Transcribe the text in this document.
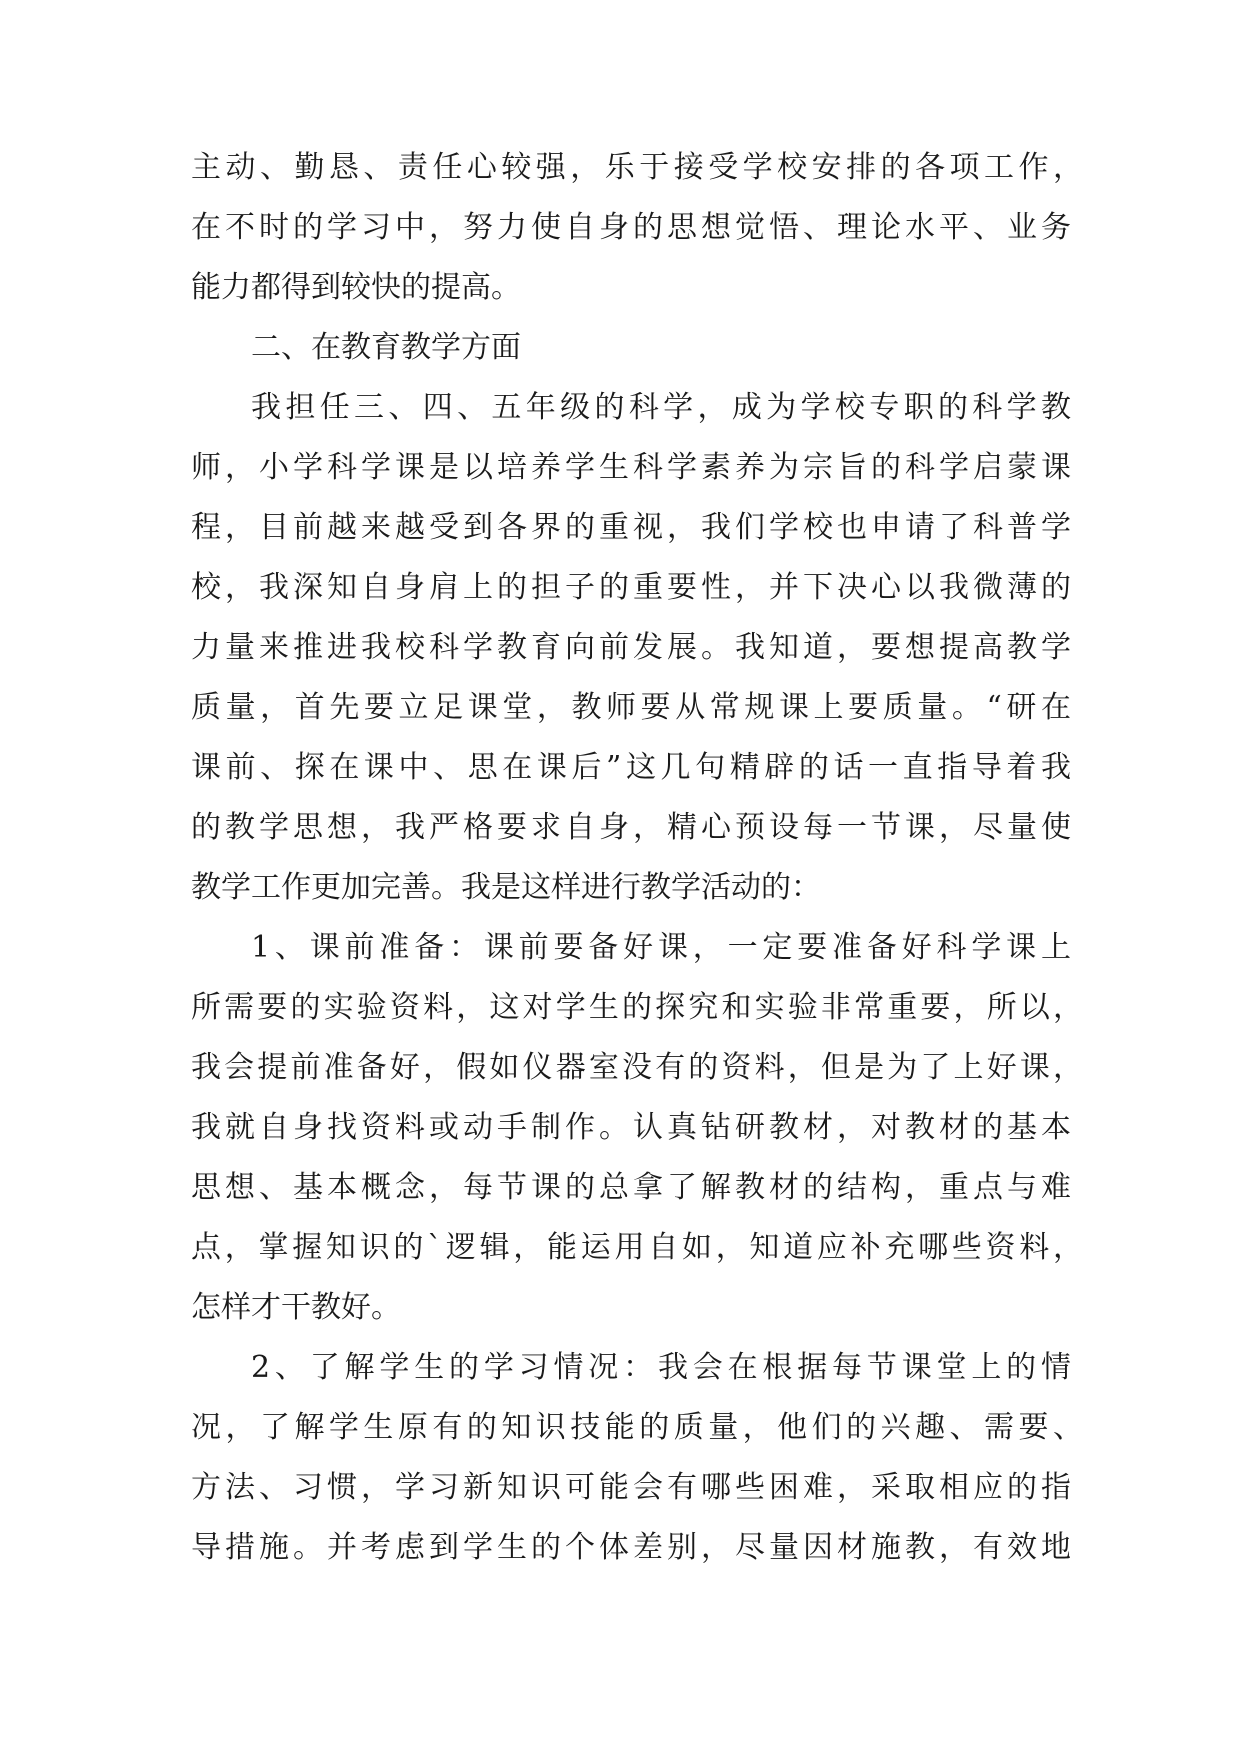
主动、勤恳、责任心较强，乐于接受学校安排的各项工作，
在不时的学习中，努力使自身的思想觉悟、理论水平、业务
能力都得到较快的提高。
二、在教育教学方面
我担任三、四、五年级的科学，成为学校专职的科学教
师，小学科学课是以培养学生科学素养为宗旨的科学启蒙课
程，目前越来越受到各界的重视，我们学校也申请了科普学
校，我深知自身肩上的担子的重要性，并下决心以我微薄的
力量来推进我校科学教育向前发展。我知道，要想提高教学
质量，首先要立足课堂，教师要从常规课上要质量。“研在
课前、探在课中、思在课后”这几句精辟的话一直指导着我
的教学思想，我严格要求自身，精心预设每一节课，尽量使
教学工作更加完善。我是这样进行教学活动的：
1、课前准备：课前要备好课，一定要准备好科学课上
所需要的实验资料，这对学生的探究和实验非常重要，所以，
我会提前准备好，假如仪器室没有的资料，但是为了上好课，
我就自身找资料或动手制作。认真钻研教材，对教材的基本
思想、基本概念，每节课的总拿了解教材的结构，重点与难
点，掌握知识的`逻辑，能运用自如，知道应补充哪些资料，
怎样才干教好。
2、了解学生的学习情况：我会在根据每节课堂上的情
况，了解学生原有的知识技能的质量，他们的兴趣、需要、
方法、习惯，学习新知识可能会有哪些困难，采取相应的指
导措施。并考虑到学生的个体差别，尽量因材施教，有效地
